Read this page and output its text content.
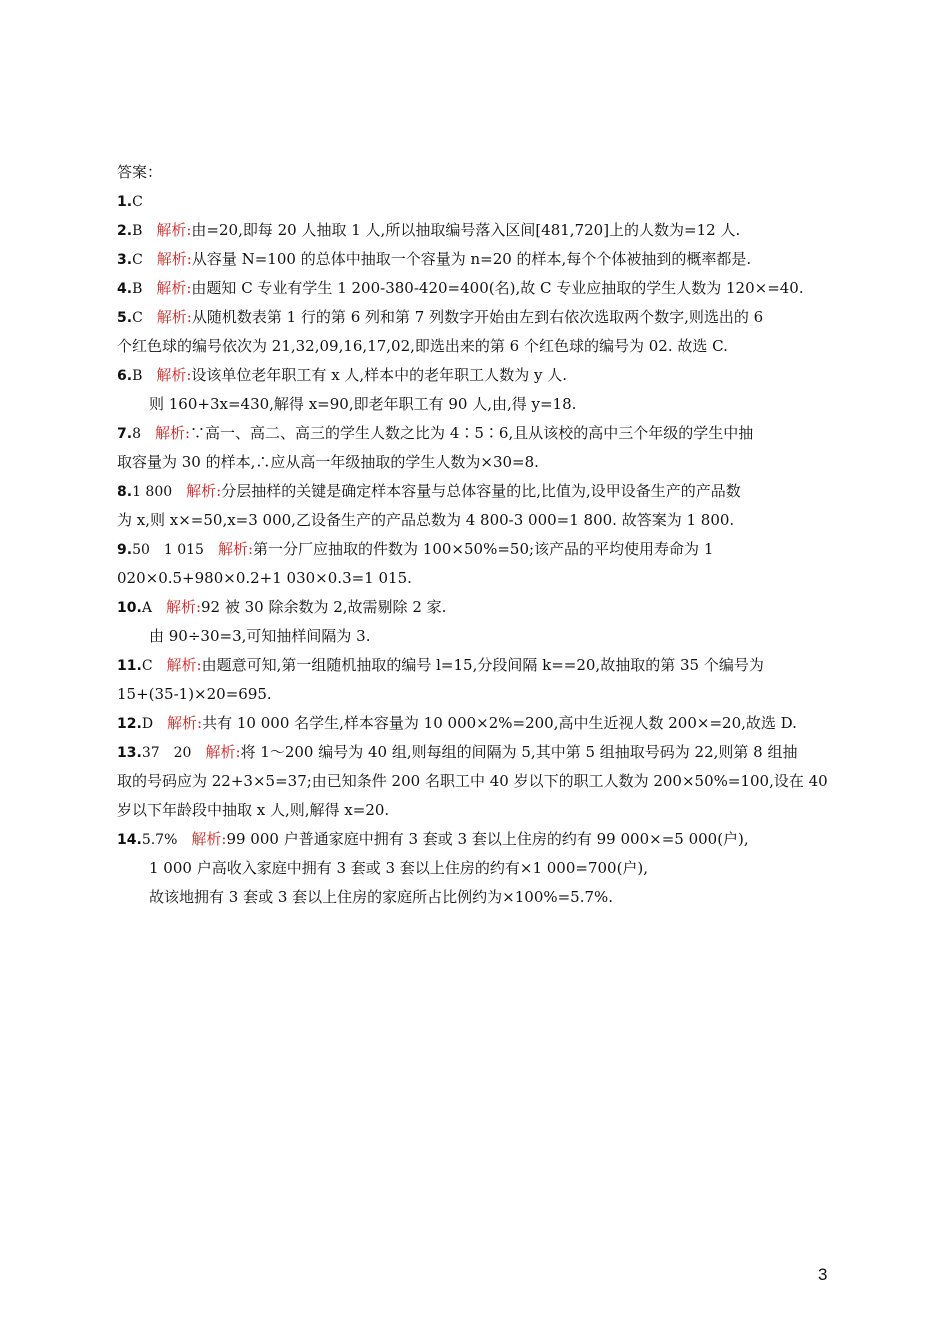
答案：
1.C
2.B 解析:由=20,即每 20 人抽取 1 人,所以抽取编号落入区间[481,720]上的人数为=12 人.
3.C 解析:从容量 N=100 的总体中抽取一个容量为 n=20 的样本,每个个体被抽到的概率都是.
4.B 解析:由题知 C 专业有学生 1 200-380-420=400(名),故 C 专业应抽取的学生人数为 120×=40.
5.C 解析:从随机数表第 1 行的第 6 列和第 7 列数字开始由左到右依次选取两个数字,则选出的 6
个红色球的编号依次为 21,32,09,16,17,02,即选出来的第 6 个红色球的编号为 02. 故选 C.
6.B 解析:设该单位老年职工有 x 人,样本中的老年职工人数为 y 人.
则 160+3x=430,解得 x=90,即老年职工有 90 人,由,得 y=18.
7.8 解析:∵高一、高二、高三的学生人数之比为 4∶5∶6,且从该校的高中三个年级的学生中抽
取容量为 30 的样本,∴应从高一年级抽取的学生人数为×30=8.
8.1 800 解析:分层抽样的关键是确定样本容量与总体容量的比,比值为,设甲设备生产的产品数
为 x,则 x×=50,x=3 000,乙设备生产的产品总数为 4 800-3 000=1 800. 故答案为 1 800.
9.50　1 015 解析:第一分厂应抽取的件数为 100×50%=50;该产品的平均使用寿命为 1
020×0.5+980×0.2+1 030×0.3=1 015.
10.A 解析:92 被 30 除余数为 2,故需剔除 2 家.
由 90÷30=3,可知抽样间隔为 3.
11.C 解析:由题意可知,第一组随机抽取的编号 l=15,分段间隔 k==20,故抽取的第 35 个编号为
15+(35-1)×20=695.
12.D 解析:共有 10 000 名学生,样本容量为 10 000×2%=200,高中生近视人数 200×=20,故选 D.
13.37　20 解析:将 1～200 编号为 40 组,则每组的间隔为 5,其中第 5 组抽取号码为 22,则第 8 组抽
取的号码应为 22+3×5=37;由已知条件 200 名职工中 40 岁以下的职工人数为 200×50%=100,设在 40
岁以下年龄段中抽取 x 人,则,解得 x=20.
14.5.7% 解析:99 000 户普通家庭中拥有 3 套或 3 套以上住房的约有 99 000×=5 000(户),
1 000 户高收入家庭中拥有 3 套或 3 套以上住房的约有×1 000=700(户),
故该地拥有 3 套或 3 套以上住房的家庭所占比例约为×100%=5.7%.
3
